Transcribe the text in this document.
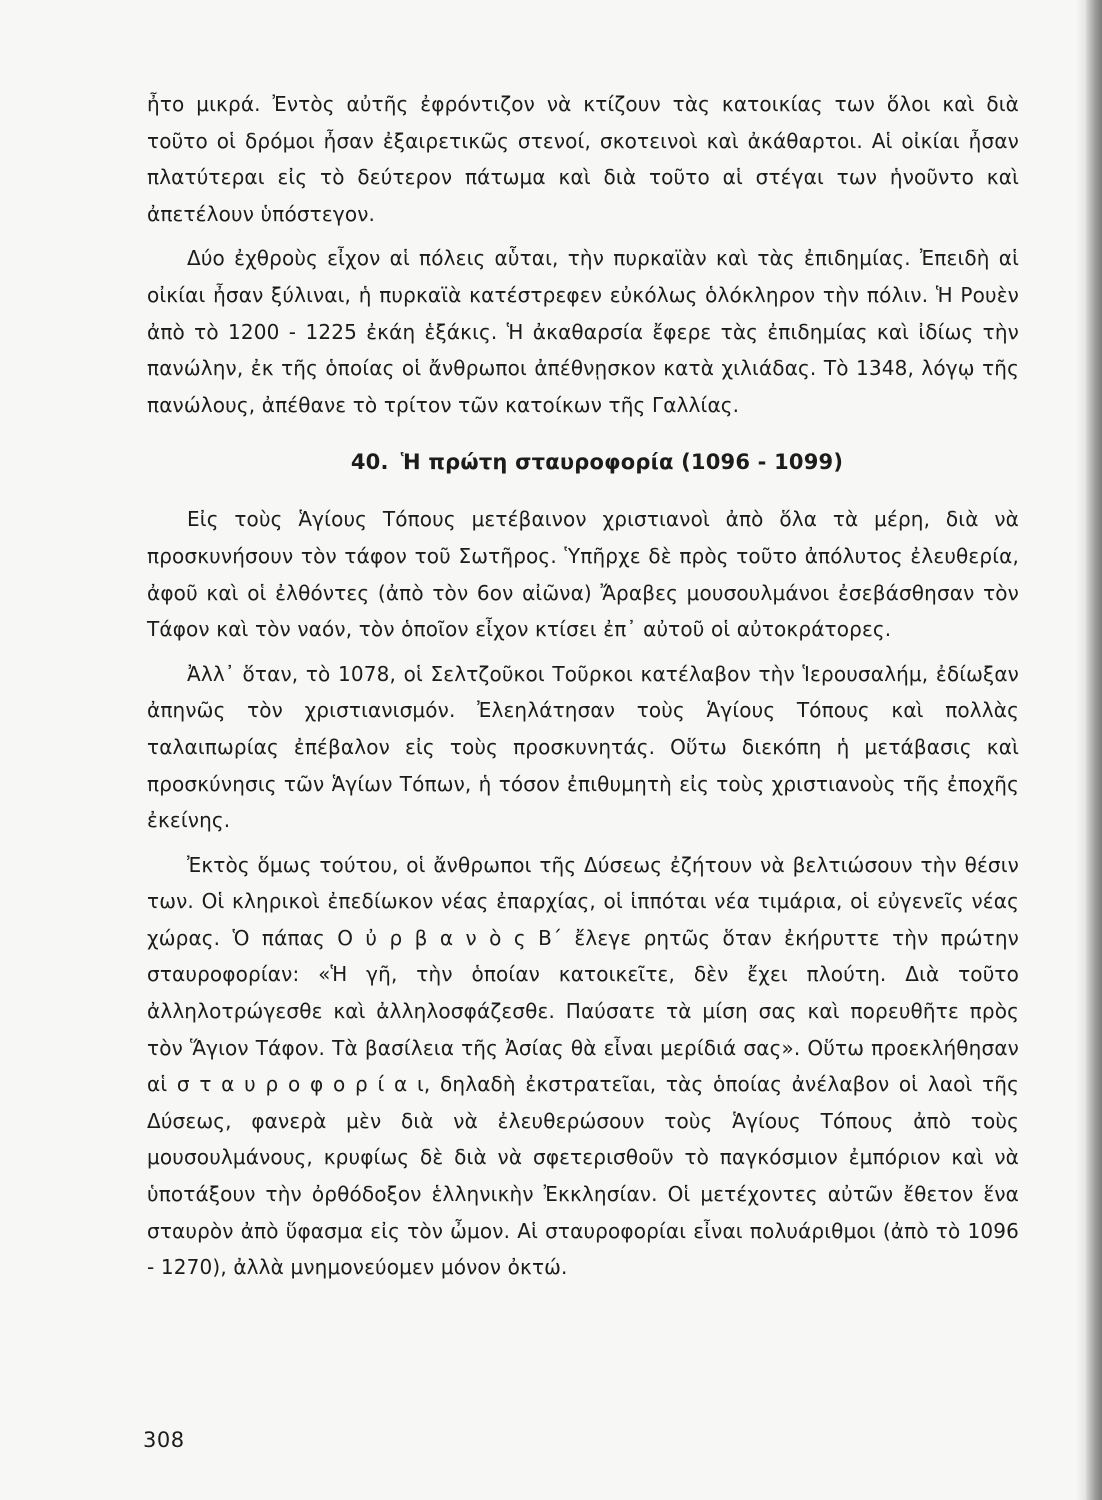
ἦτο μικρά. Ἐντὸς αὐτῆς ἐφρόντιζον νὰ κτίζουν τὰς κατοικίας των ὅλοι καὶ διὰ τοῦτο οἱ δρόμοι ἦσαν ἐξαιρετικῶς στενοί, σκοτεινοὶ καὶ ἀκάθαρτοι. Αἱ οἰκίαι ἦσαν πλατύτεραι εἰς τὸ δεύτερον πάτωμα καὶ διὰ τοῦτο αἱ στέγαι των ἡνοῦντο καὶ ἀπετέλουν ὑπόστεγον.

Δύο ἐχθροὺς εἶχον αἱ πόλεις αὗται, τὴν πυρκαϊὰν καὶ τὰς ἐπιδημίας. Ἐπειδὴ αἱ οἰκίαι ἦσαν ξύλιναι, ἡ πυρκαϊὰ κατέστρεφεν εὐκόλως ὁλόκληρον τὴν πόλιν. Ἡ Ρουὲν ἀπὸ τὸ 1200 - 1225 ἐκάη ἑξάκις. Ἡ ἀκαθαρσία ἔφερε τὰς ἐπιδημίας καὶ ἰδίως τὴν πανώλην, ἐκ τῆς ὁποίας οἱ ἄνθρωποι ἀπέθνῃσκον κατὰ χιλιάδας. Τὸ 1348, λόγῳ τῆς πανώλους, ἀπέθανε τὸ τρίτον τῶν κατοίκων τῆς Γαλλίας.

40. Ἡ πρώτη σταυροφορία (1096 - 1099)

Εἰς τοὺς Ἁγίους Τόπους μετέβαινον χριστιανοὶ ἀπὸ ὅλα τὰ μέρη, διὰ νὰ προσκυνήσουν τὸν τάφον τοῦ Σωτῆρος. Ὑπῆρχε δὲ πρὸς τοῦτο ἀπόλυτος ἐλευθερία, ἀφοῦ καὶ οἱ ἐλθόντες (ἀπὸ τὸν 6ον αἰῶνα) Ἄραβες μουσουλμάνοι ἐσεβάσθησαν τὸν Τάφον καὶ τὸν ναόν, τὸν ὁποῖον εἶχον κτίσει ἐπ᾽ αὐτοῦ οἱ αὐτοκράτορες.

Ἀλλ᾽ ὅταν, τὸ 1078, οἱ Σελτζοῦκοι Τοῦρκοι κατέλαβον τὴν Ἱερουσαλήμ, ἐδίωξαν ἀπηνῶς τὸν χριστιανισμόν. Ἐλεηλάτησαν τοὺς Ἁγίους Τόπους καὶ πολλὰς ταλαιπωρίας ἐπέβαλον εἰς τοὺς προσκυνητάς. Οὕτω διεκόπη ἡ μετάβασις καὶ προσκύνησις τῶν Ἁγίων Τόπων, ἡ τόσον ἐπιθυμητὴ εἰς τοὺς χριστιανοὺς τῆς ἐποχῆς ἐκείνης.

Ἐκτὸς ὅμως τούτου, οἱ ἄνθρωποι τῆς Δύσεως ἐζήτουν νὰ βελτιώσουν τὴν θέσιν των. Οἱ κληρικοὶ ἐπεδίωκον νέας ἐπαρχίας, οἱ ἱππόται νέα τιμάρια, οἱ εὐγενεῖς νέας χώρας. Ὁ πάπας Ο ὐ ρ β α ν ὸ ς Β΄ ἔλεγε ρητῶς ὅταν ἐκήρυττε τὴν πρώτην σταυροφορίαν: «Ἡ γῆ, τὴν ὁποίαν κατοικεῖτε, δὲν ἔχει πλούτη. Διὰ τοῦτο ἀλληλοτρώγεσθε καὶ ἀλληλοσφάζεσθε. Παύσατε τὰ μίση σας καὶ πορευθῆτε πρὸς τὸν Ἅγιον Τάφον. Τὰ βασίλεια τῆς Ἀσίας θὰ εἶναι μερίδιά σας». Οὕτω προεκλήθησαν αἱ σ τ α υ ρ ο φ ο ρ ί α ι, δηλαδὴ ἐκστρατεῖαι, τὰς ὁποίας ἀνέλαβον οἱ λαοὶ τῆς Δύσεως, φανερὰ μὲν διὰ νὰ ἐλευθερώσουν τοὺς Ἁγίους Τόπους ἀπὸ τοὺς μουσουλμάνους, κρυφίως δὲ διὰ νὰ σφετερισθοῦν τὸ παγκόσμιον ἐμπόριον καὶ νὰ ὑποτάξουν τὴν ὀρθόδοξον ἑλληνικὴν Ἐκκλησίαν. Οἱ μετέχοντες αὐτῶν ἔθετον ἕνα σταυρὸν ἀπὸ ὕφασμα εἰς τὸν ὦμον. Αἱ σταυροφορίαι εἶναι πολυάριθμοι (ἀπὸ τὸ 1096 - 1270), ἀλλὰ μνημονεύομεν μόνον ὀκτώ.

308
